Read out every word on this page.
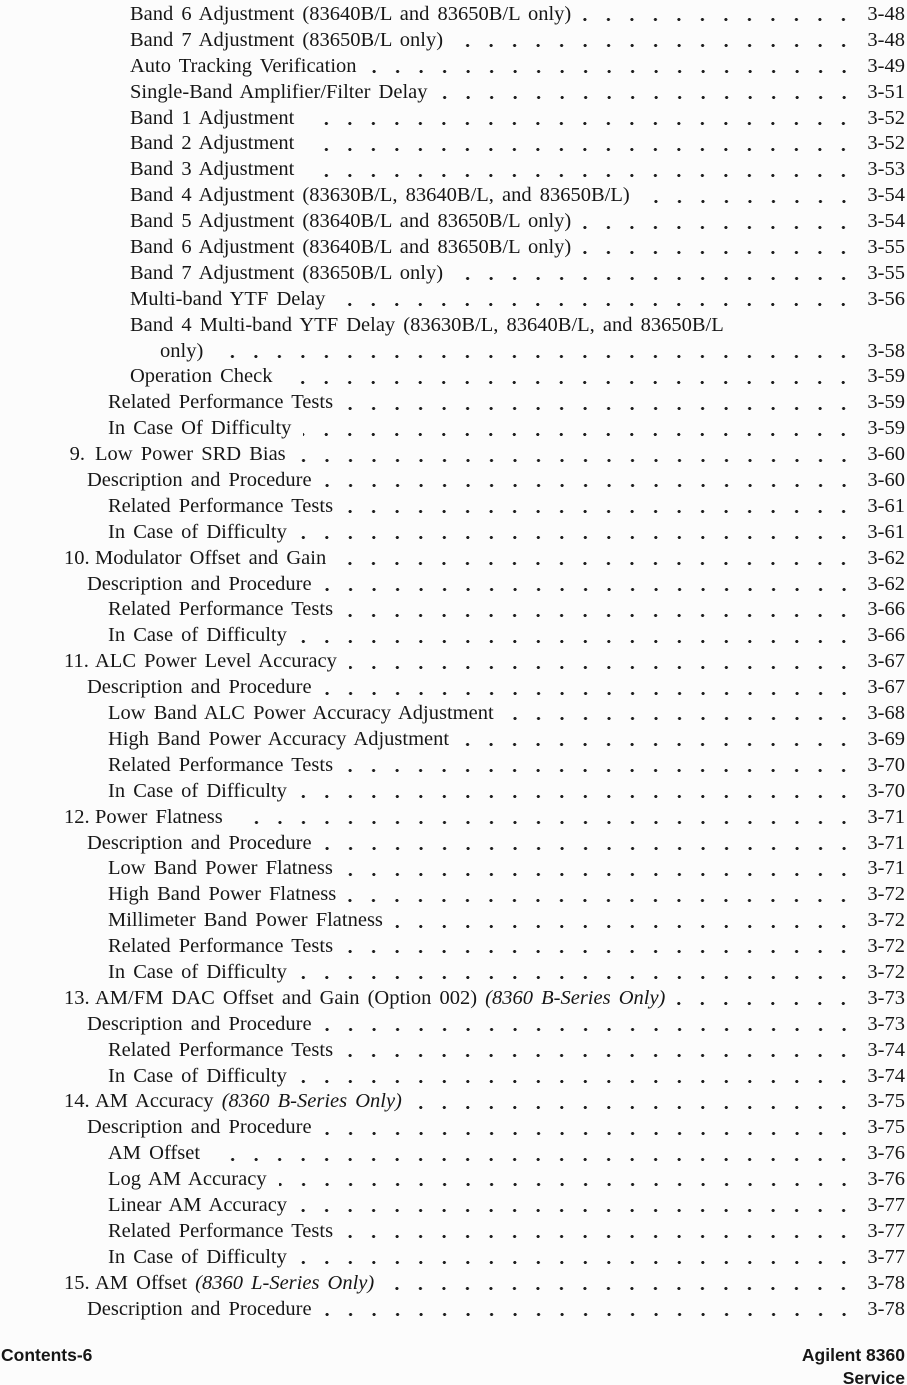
Band 6 Adjustment (83640B/L and 83650B/L only)	3-48
Band 7 Adjustment (83650B/L only)	3-48
Auto Tracking Verification	3-49
Single-Band Amplifier/Filter Delay	3-51
Band 1 Adjustment	3-52
Band 2 Adjustment	3-52
Band 3 Adjustment	3-53
Band 4 Adjustment (83630B/L, 83640B/L, and 83650B/L)	3-54
Band 5 Adjustment (83640B/L and 83650B/L only)	3-54
Band 6 Adjustment (83640B/L and 83650B/L only)	3-55
Band 7 Adjustment (83650B/L only)	3-55
Multi-band YTF Delay	3-56
Band 4 Multi-band YTF Delay (83630B/L, 83640B/L, and 83650B/L
only)	3-58
Operation Check	3-59
Related Performance Tests	3-59
In Case Of Difficulty	3-59
9. Low Power SRD Bias	3-60
Description and Procedure	3-60
Related Performance Tests	3-61
In Case of Difficulty	3-61
10. Modulator Offset and Gain	3-62
Description and Procedure	3-62
Related Performance Tests	3-66
In Case of Difficulty	3-66
11. ALC Power Level Accuracy	3-67
Description and Procedure	3-67
Low Band ALC Power Accuracy Adjustment	3-68
High Band Power Accuracy Adjustment	3-69
Related Performance Tests	3-70
In Case of Difficulty	3-70
12. Power Flatness	3-71
Description and Procedure	3-71
Low Band Power Flatness	3-71
High Band Power Flatness	3-72
Millimeter Band Power Flatness	3-72
Related Performance Tests	3-72
In Case of Difficulty	3-72
13. AM/FM DAC Offset and Gain (Option 002) (8360 B-Series Only)	3-73
Description and Procedure	3-73
Related Performance Tests	3-74
In Case of Difficulty	3-74
14. AM Accuracy (8360 B-Series Only)	3-75
Description and Procedure	3-75
AM Offset	3-76
Log AM Accuracy	3-76
Linear AM Accuracy	3-77
Related Performance Tests	3-77
In Case of Difficulty	3-77
15. AM Offset (8360 L-Series Only)	3-78
Description and Procedure	3-78
Contents-6	Agilent 8360
Service
